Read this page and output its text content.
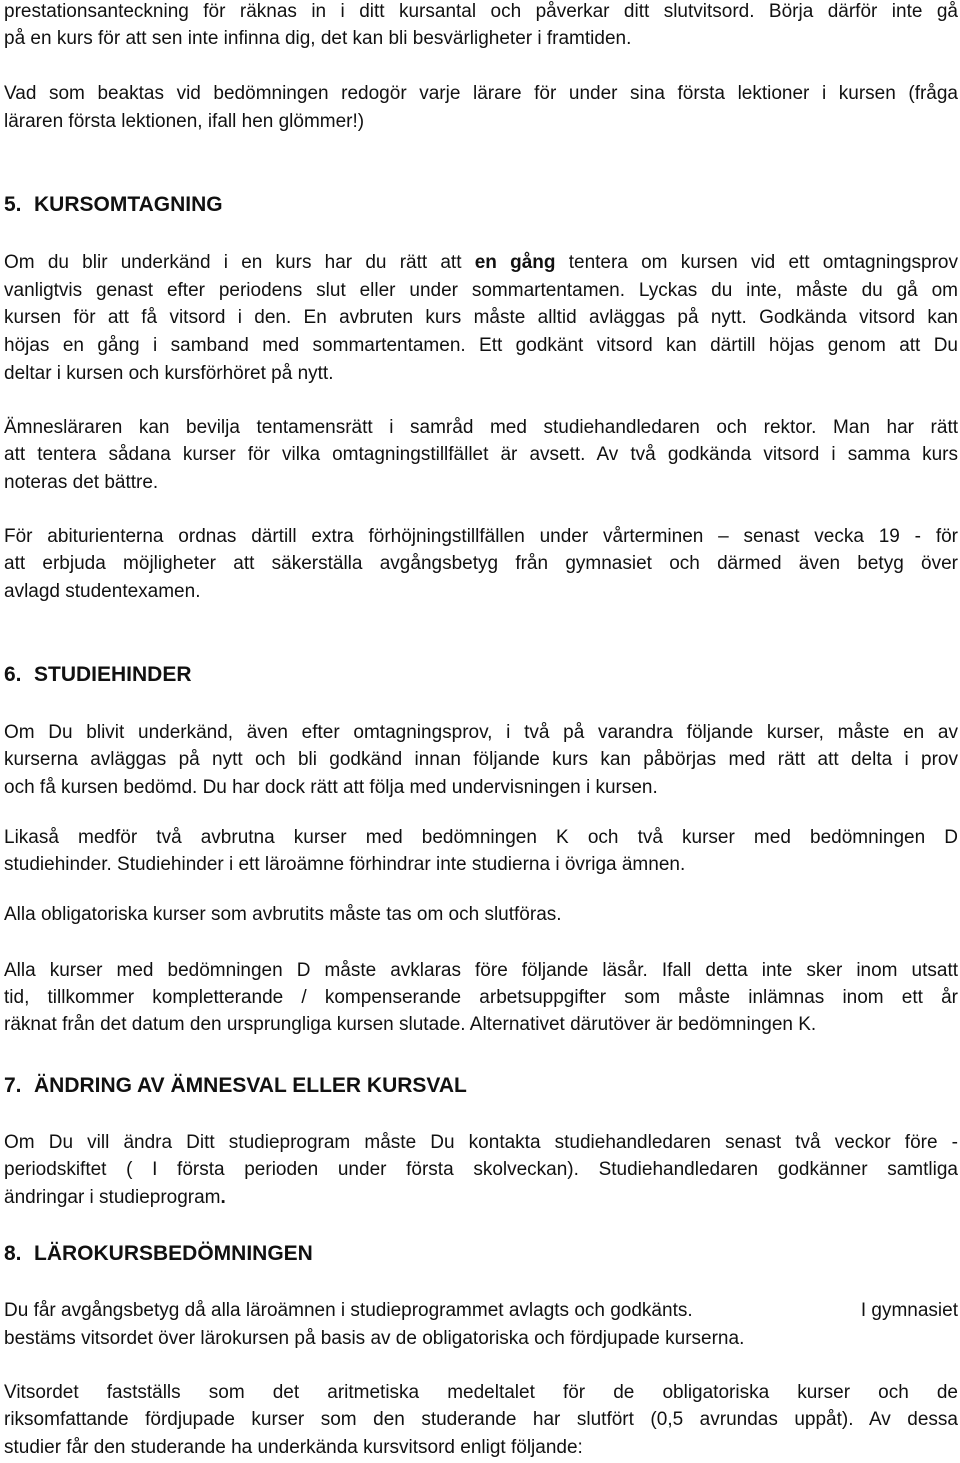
prestationsanteckning för räknas in i ditt kursantal och påverkar ditt slutvitsord. Börja därför inte gå
på en kurs för att sen inte infinna dig, det kan bli besvärligheter i framtiden.
Vad som beaktas vid bedömningen redogör varje lärare för under sina första lektioner i kursen (fråga
läraren första lektionen, ifall hen glömmer!)
5. KURSOMTAGNING
Om du blir underkänd i en kurs har du rätt att en gång tentera om kursen vid ett omtagningsprov
vanligtvis genast efter periodens slut eller under sommartentamen. Lyckas du inte, måste du gå om
kursen för att få vitsord i den. En avbruten kurs måste alltid avläggas på nytt. Godkända vitsord kan
höjas en gång i samband med sommartentamen. Ett godkänt vitsord kan därtill höjas genom att Du
deltar i kursen och kursförhöret på nytt.
Ämnesläraren kan bevilja tentamensrätt i samråd med studiehandledaren och rektor. Man har rätt
att tentera sådana kurser för vilka omtagningstillfället är avsett. Av två godkända vitsord i samma kurs
noteras det bättre.
För abiturienterna ordnas därtill extra förhöjningstillfällen under vårterminen – senast vecka 19 - för
att erbjuda möjligheter att säkerställa avgångsbetyg från gymnasiet och därmed även betyg över
avlagd studentexamen.
6. STUDIEHINDER
Om Du blivit underkänd, även efter omtagningsprov, i två på varandra följande kurser, måste en av
kurserna avläggas på nytt och bli godkänd innan följande kurs kan påbörjas med rätt att delta i prov
och få kursen bedömd. Du har dock rätt att följa med undervisningen i kursen.
Likaså medför två avbrutna kurser med bedömningen K och två kurser med bedömningen D
studiehinder. Studiehinder i ett läroämne förhindrar inte studierna i övriga ämnen.
Alla obligatoriska kurser som avbrutits måste tas om och slutföras.
Alla kurser med bedömningen D måste avklaras före följande läsår. Ifall detta inte sker inom utsatt
tid, tillkommer kompletterande / kompenserande arbetsuppgifter som måste inlämnas inom ett år
räknat från det datum den ursprungliga kursen slutade. Alternativet därutöver är bedömningen K.
7. ÄNDRING AV ÄMNESVAL ELLER KURSVAL
Om Du vill ändra Ditt studieprogram måste Du kontakta studiehandledaren senast två veckor före -
periodskiftet ( I första perioden under första skolveckan). Studiehandledaren godkänner samtliga
ändringar i studieprogram.
8. LÄROKURSBEDÖMNINGEN
Du får avgångsbetyg då alla läroämnen i studieprogrammet avlagts och godkänts.	I gymnasiet
bestäms vitsordet över lärokursen på basis av de obligatoriska och fördjupade kurserna.
Vitsordet fastställs som det aritmetiska medeltalet för de obligatoriska kurser och de
riksomfattande fördjupade kurser som den studerande har slutfört (0,5 avrundas uppåt). Av dessa
studier får den studerande ha underkända kursvitsord enligt följande:
